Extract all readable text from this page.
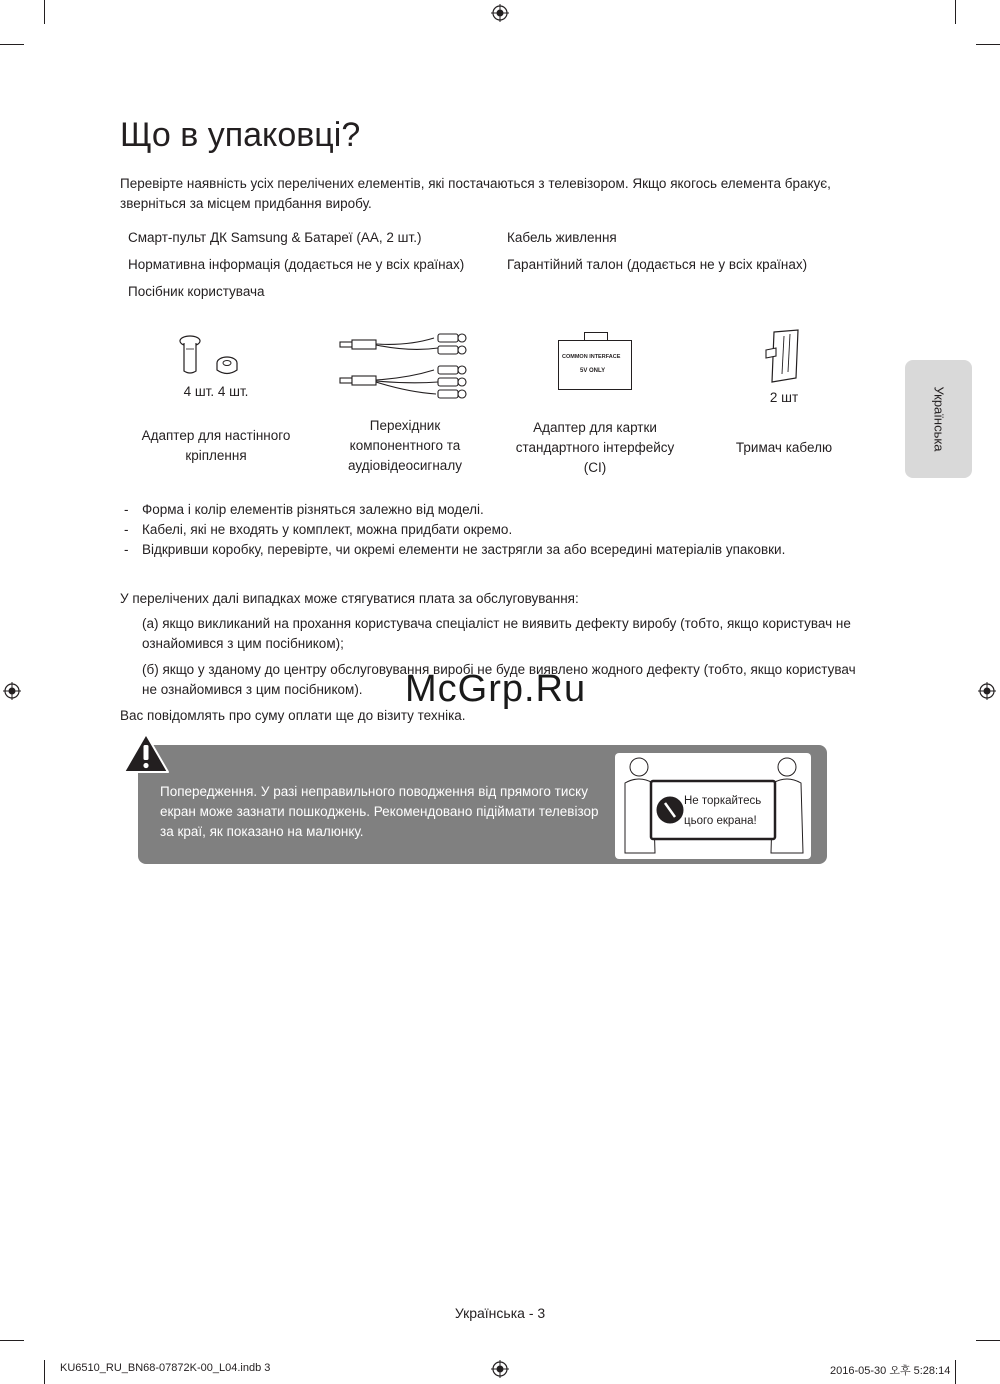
Що в упаковці?
Перевірте наявність усіх перелічених елементів, які постачаються з телевізором. Якщо якогось елемента бракує, зверніться за місцем придбання виробу.
Смарт-пульт ДК Samsung & Батареї (AA, 2 шт.)
Нормативна інформація (додається не у всіх країнах)
Посібник користувача
Кабель живлення
Гарантійний талон (додається не у всіх країнах)
4 шт. 4 шт.
Адаптер для настінного кріплення
Перехідник компонентного та аудіовідеосигналу
COMMON INTERFACE
5V ONLY
Адаптер для картки стандартного інтерфейсу (CI)
2 шт
Тримач кабелю
- Форма і колір елементів різняться залежно від моделі.
- Кабелі, які не входять у комплект, можна придбати окремо.
- Відкривши коробку, перевірте, чи окремі елементи не застрягли за або всередині матеріалів упаковки.
У перелічених далі випадках може стягуватися плата за обслуговування:
(а) якщо викликаний на прохання користувача спеціаліст не виявить дефекту виробу (тобто, якщо користувач не ознайомився з цим посібником);
(б) якщо у зданому до центру обслуговування виробі не буде виявлено жодного дефекту (тобто, якщо користувач не ознайомився з цим посібником).
Вас повідомлять про суму оплати ще до візиту техніка.
McGrp.Ru
Українська
Попередження. У разі неправильного поводження від прямого тиску екран може зазнати пошкоджень. Рекомендовано підіймати телевізор за краї, як показано на малюнку.
Не торкайтесь
цього екрана!
Українська - 3
KU6510_RU_BN68-07872K-00_L04.indb 3	2016-05-30 오후 5:28:14
